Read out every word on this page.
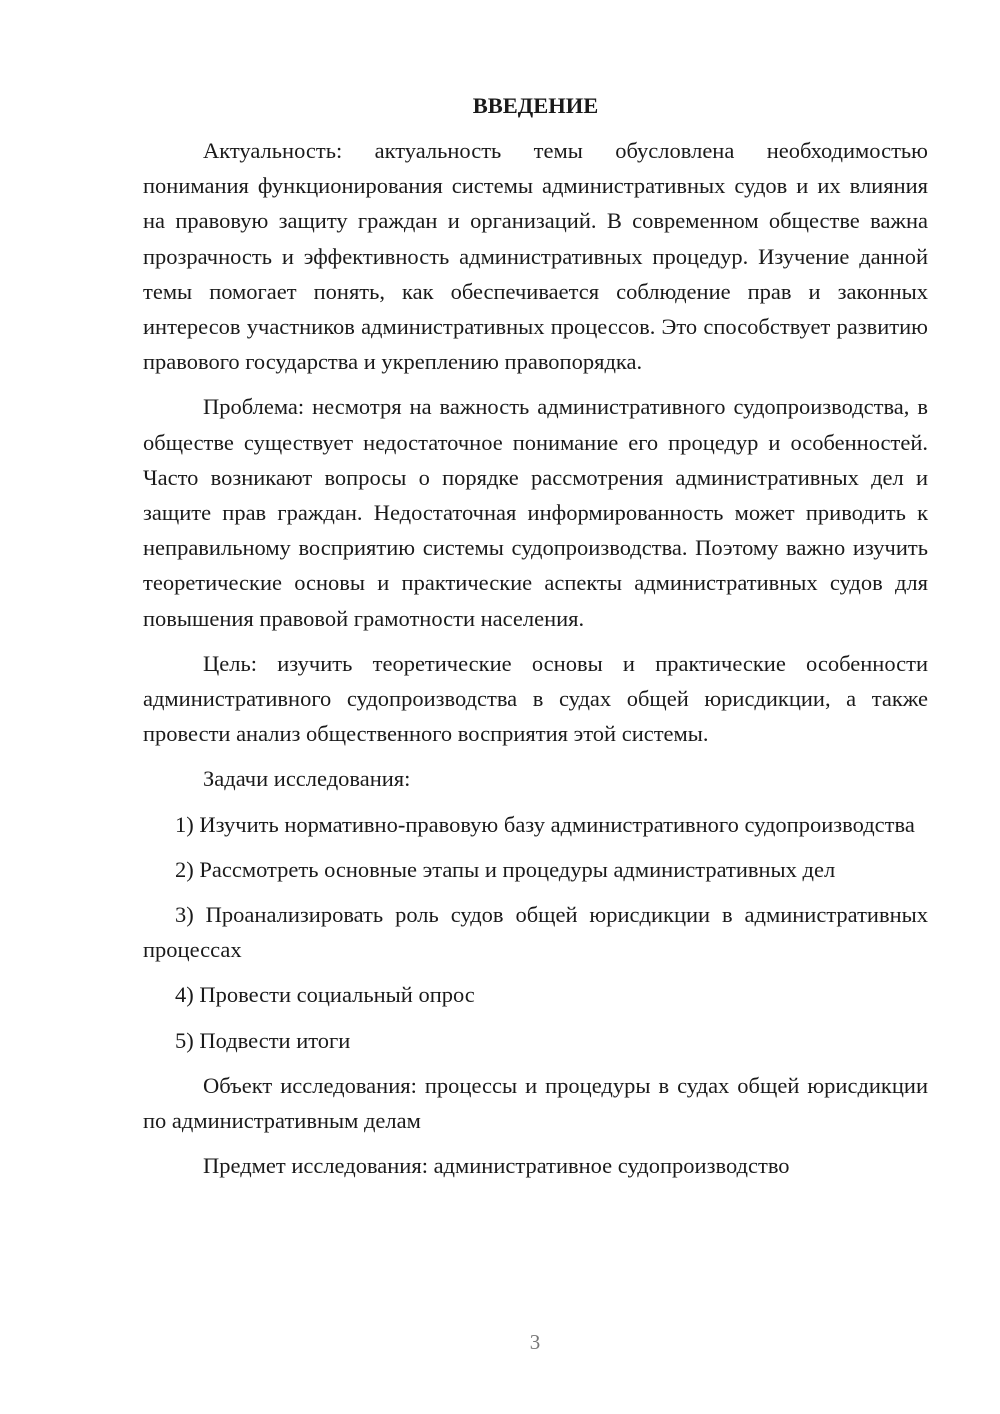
ВВЕДЕНИЕ

Актуальность: актуальность темы обусловлена необходимостью понимания функционирования системы административных судов и их влияния на правовую защиту граждан и организаций. В современном обществе важна прозрачность и эффективность административных процедур. Изучение данной темы помогает понять, как обеспечивается соблюдение прав и законных интересов участников административных процессов. Это способствует развитию правового государства и укреплению правопорядка.

Проблема: несмотря на важность административного судопроизводства, в обществе существует недостаточное понимание его процедур и особенностей. Часто возникают вопросы о порядке рассмотрения административных дел и защите прав граждан. Недостаточная информированность может приводить к неправильному восприятию системы судопроизводства. Поэтому важно изучить теоретические основы и практические аспекты административных судов для повышения правовой грамотности населения.

Цель: изучить теоретические основы и практические особенности административного судопроизводства в судах общей юрисдикции, а также провести анализ общественного восприятия этой системы.

Задачи исследования:

1) Изучить нормативно-правовую базу административного судопроизводства

2) Рассмотреть основные этапы и процедуры административных дел

3) Проанализировать роль судов общей юрисдикции в административных процессах

4) Провести социальный опрос

5) Подвести итоги

Объект исследования: процессы и процедуры в судах общей юрисдикции по административным делам

Предмет исследования: административное судопроизводство

3
